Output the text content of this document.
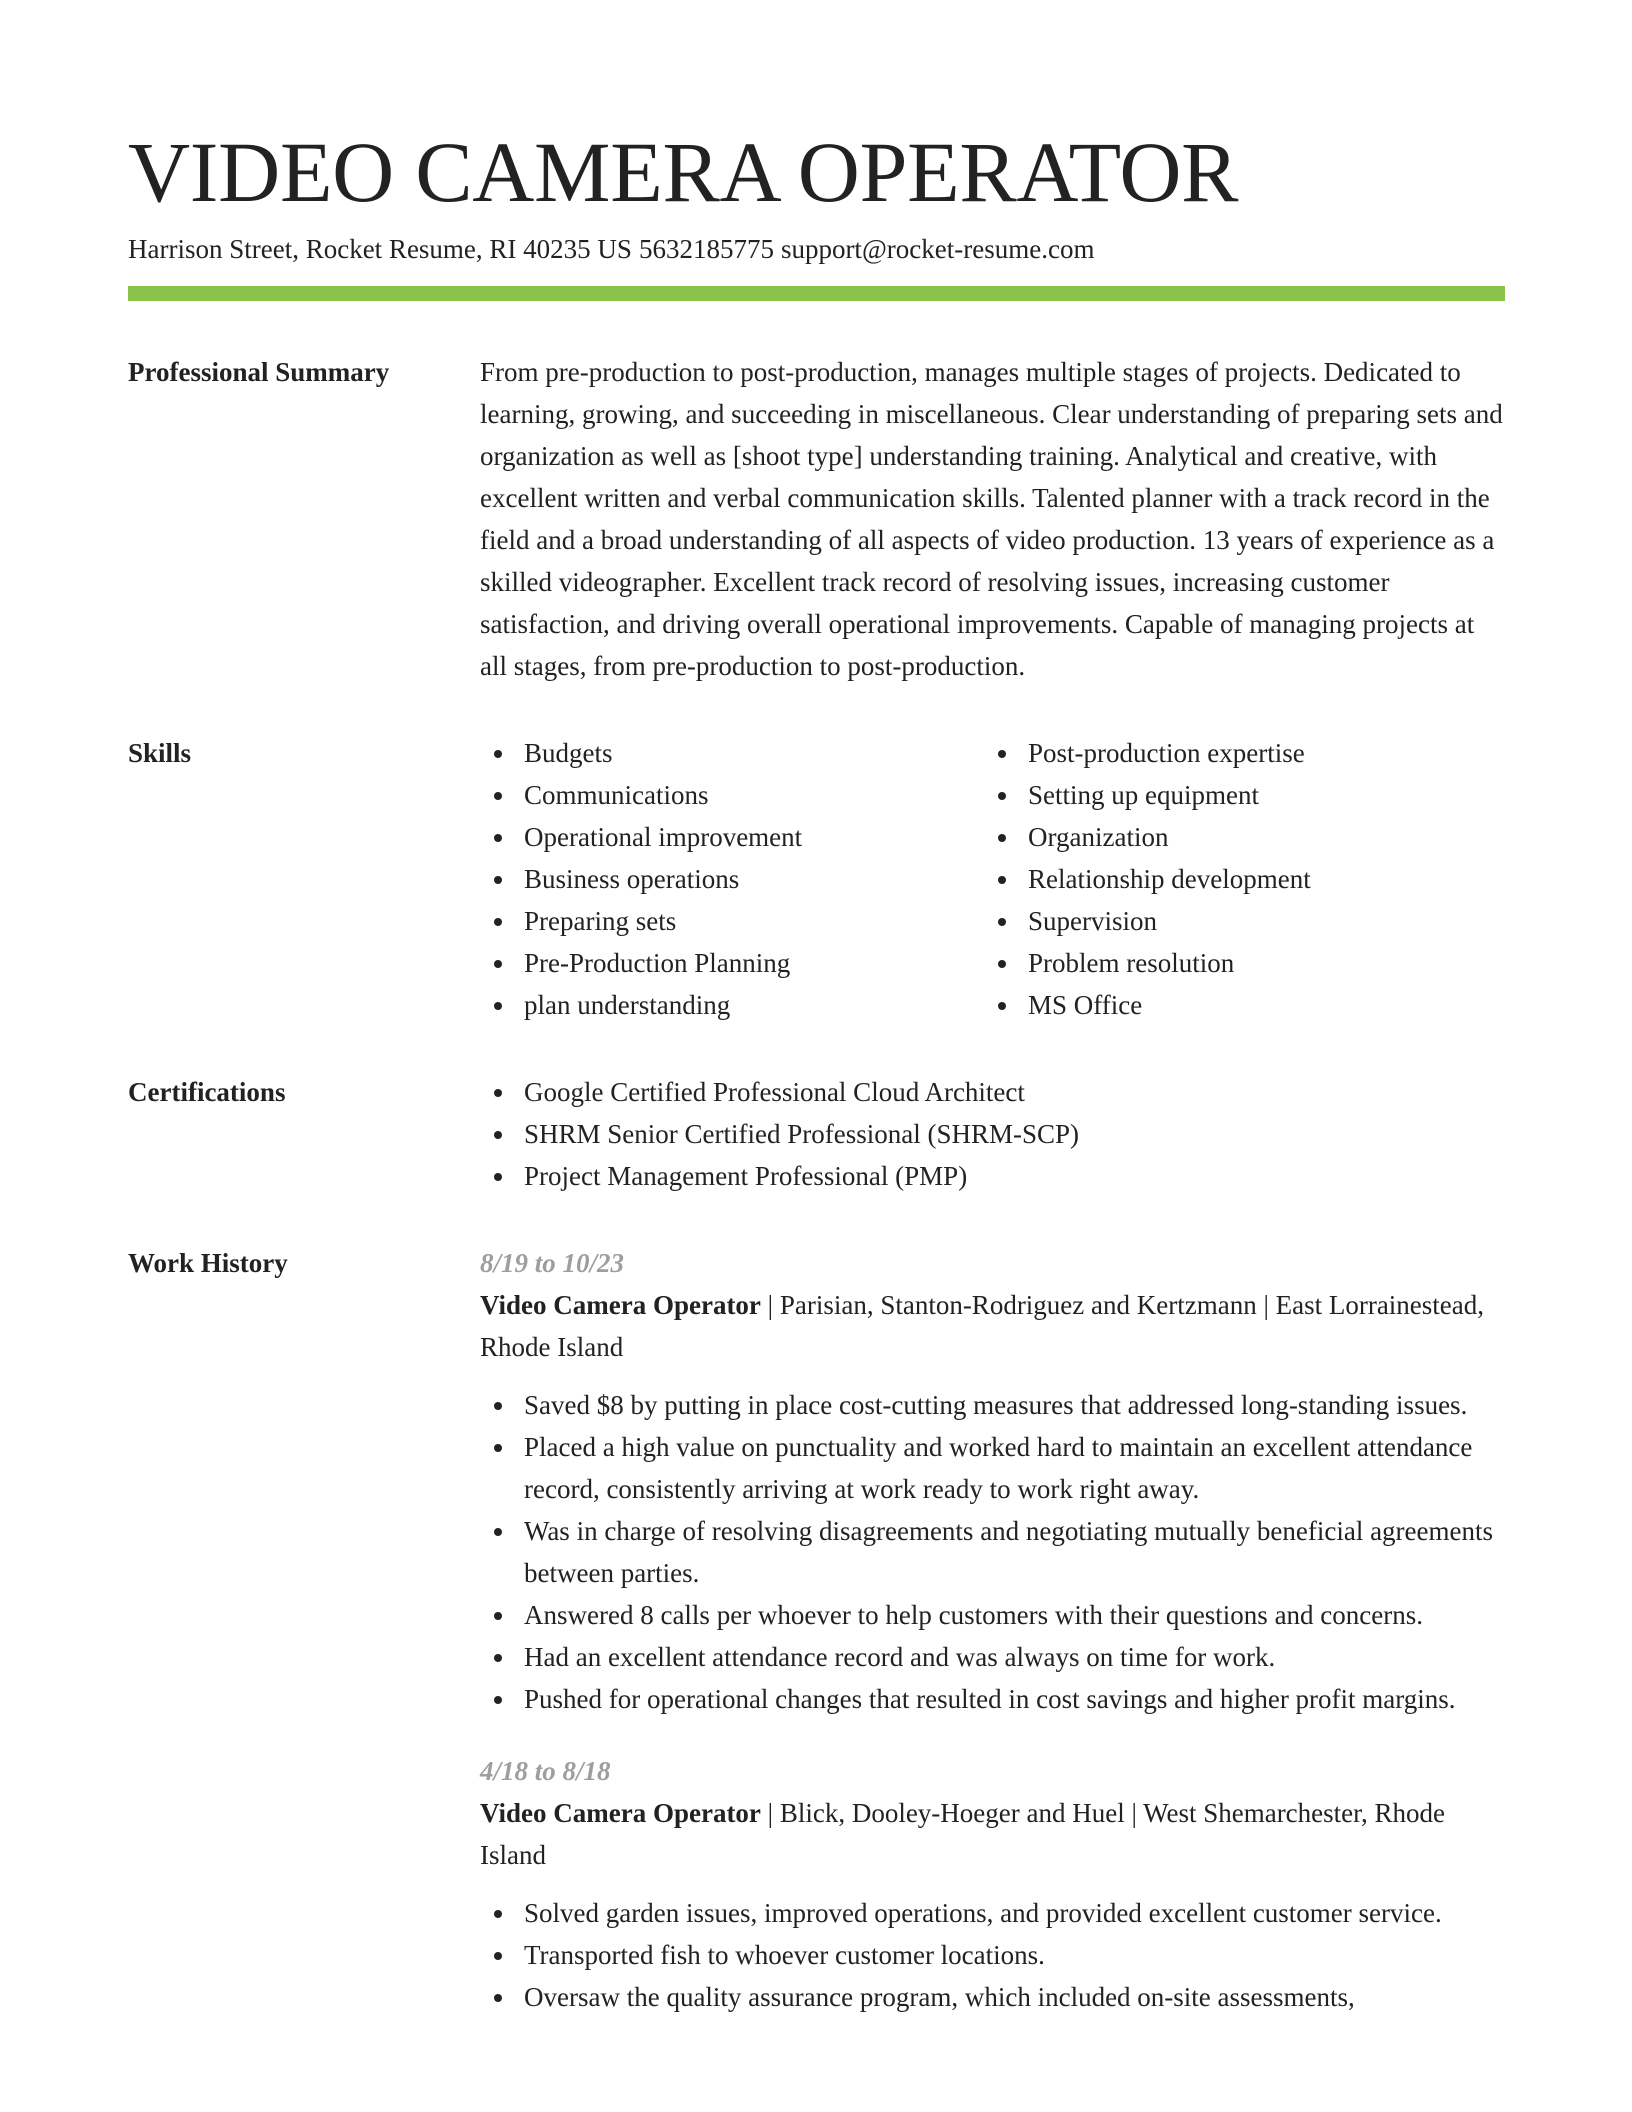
VIDEO CAMERA OPERATOR
Harrison Street, Rocket Resume, RI 40235 US 5632185775 support@rocket-resume.com
Professional Summary	From pre-production to post-production, manages multiple stages of projects. Dedicated to learning, growing, and succeeding in miscellaneous. Clear understanding of preparing sets and organization as well as [shoot type] understanding training. Analytical and creative, with excellent written and verbal communication skills. Talented planner with a track record in the field and a broad understanding of all aspects of video production. 13 years of experience as a skilled videographer. Excellent track record of resolving issues, increasing customer satisfaction, and driving overall operational improvements. Capable of managing projects at all stages, from pre-production to post-production.
Skills	Budgets
Communications
Operational improvement
Business operations
Preparing sets
Pre-Production Planning
plan understanding
Post-production expertise
Setting up equipment
Organization
Relationship development
Supervision
Problem resolution
MS Office
Certifications	Google Certified Professional Cloud Architect
SHRM Senior Certified Professional (SHRM-SCP)
Project Management Professional (PMP)
Work History	8/19 to 10/23
Video Camera Operator | Parisian, Stanton-Rodriguez and Kertzmann | East Lorrainestead, Rhode Island
Saved $8 by putting in place cost-cutting measures that addressed long-standing issues.
Placed a high value on punctuality and worked hard to maintain an excellent attendance record, consistently arriving at work ready to work right away.
Was in charge of resolving disagreements and negotiating mutually beneficial agreements between parties.
Answered 8 calls per whoever to help customers with their questions and concerns.
Had an excellent attendance record and was always on time for work.
Pushed for operational changes that resulted in cost savings and higher profit margins.
4/18 to 8/18
Video Camera Operator | Blick, Dooley-Hoeger and Huel | West Shemarchester, Rhode Island
Solved garden issues, improved operations, and provided excellent customer service.
Transported fish to whoever customer locations.
Oversaw the quality assurance program, which included on-site assessments,
